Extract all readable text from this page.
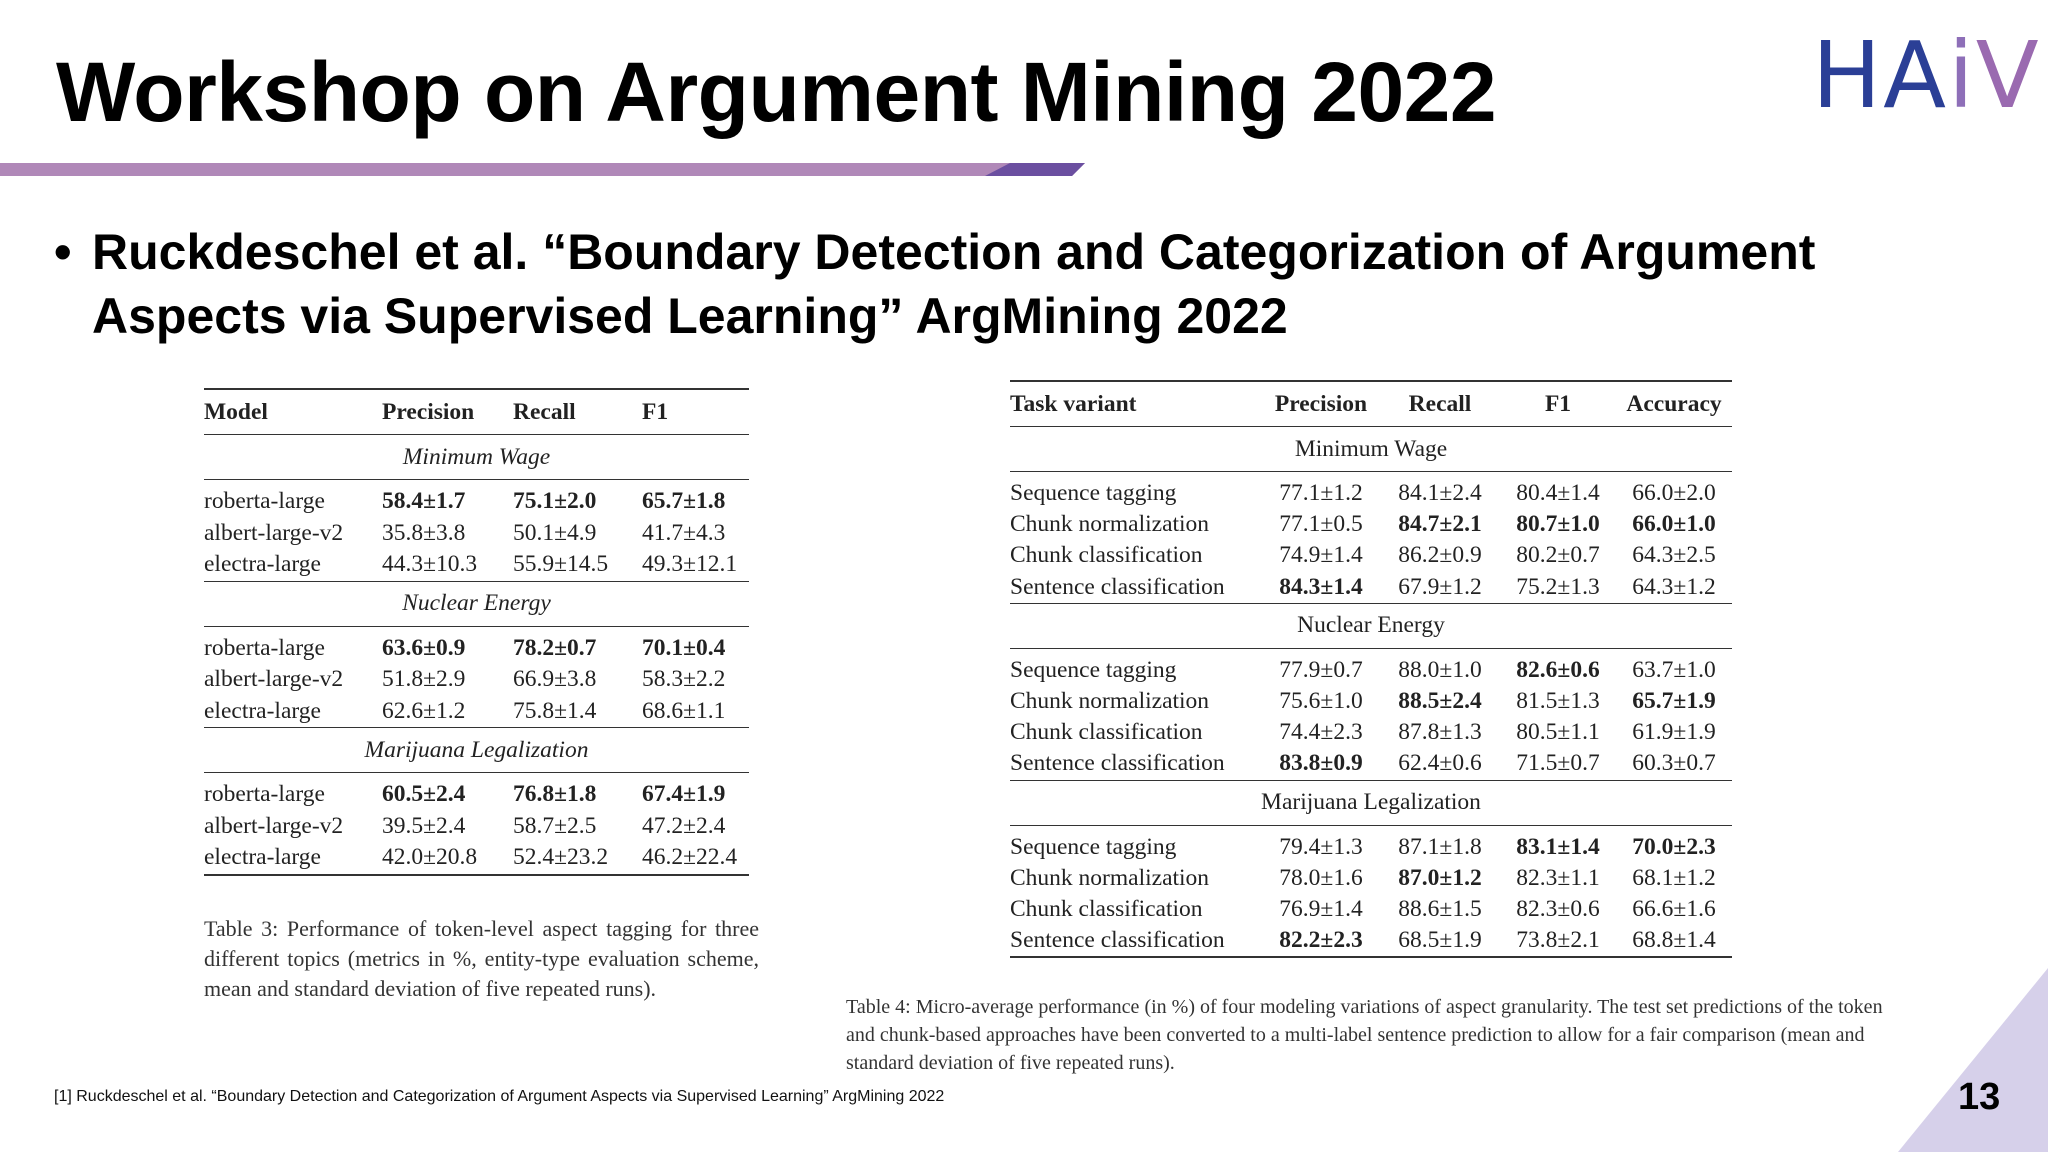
Workshop on Argument Mining 2022	HAiV
• Ruckdeschel et al. “Boundary Detection and Categorization of Argument Aspects via Supervised Learning” ArgMining 2022
Model	Precision	Recall	F1
Minimum Wage			
roberta-large	58.4±1.7	75.1±2.0	65.7±1.8
albert-large-v2	35.8±3.8	50.1±4.9	41.7±4.3
electra-large	44.3±10.3	55.9±14.5	49.3±12.1
Nuclear Energy			
roberta-large	63.6±0.9	78.2±0.7	70.1±0.4
albert-large-v2	51.8±2.9	66.9±3.8	58.3±2.2
electra-large	62.6±1.2	75.8±1.4	68.6±1.1
Marijuana Legalization			
roberta-large	60.5±2.4	76.8±1.8	67.4±1.9
albert-large-v2	39.5±2.4	58.7±2.5	47.2±2.4
electra-large	42.0±20.8	52.4±23.2	46.2±22.4
Table 3: Performance of token-level aspect tagging for three different topics (metrics in %, entity-type evaluation scheme, mean and standard deviation of five repeated runs).
Task variant	Precision	Recall	F1	Accuracy
Minimum Wage				
Sequence tagging	77.1±1.2	84.1±2.4	80.4±1.4	66.0±2.0
Chunk normalization	77.1±0.5	84.7±2.1	80.7±1.0	66.0±1.0
Chunk classification	74.9±1.4	86.2±0.9	80.2±0.7	64.3±2.5
Sentence classification	84.3±1.4	67.9±1.2	75.2±1.3	64.3±1.2
Nuclear Energy				
Sequence tagging	77.9±0.7	88.0±1.0	82.6±0.6	63.7±1.0
Chunk normalization	75.6±1.0	88.5±2.4	81.5±1.3	65.7±1.9
Chunk classification	74.4±2.3	87.8±1.3	80.5±1.1	61.9±1.9
Sentence classification	83.8±0.9	62.4±0.6	71.5±0.7	60.3±0.7
Marijuana Legalization				
Sequence tagging	79.4±1.3	87.1±1.8	83.1±1.4	70.0±2.3
Chunk normalization	78.0±1.6	87.0±1.2	82.3±1.1	68.1±1.2
Chunk classification	76.9±1.4	88.6±1.5	82.3±0.6	66.6±1.6
Sentence classification	82.2±2.3	68.5±1.9	73.8±2.1	68.8±1.4
Table 4: Micro-average performance (in %) of four modeling variations of aspect granularity. The test set predictions of the token and chunk-based approaches have been converted to a multi-label sentence prediction to allow for a fair comparison (mean and standard deviation of five repeated runs).
[1] Ruckdeschel et al. “Boundary Detection and Categorization of Argument Aspects via Supervised Learning” ArgMining 2022	13
